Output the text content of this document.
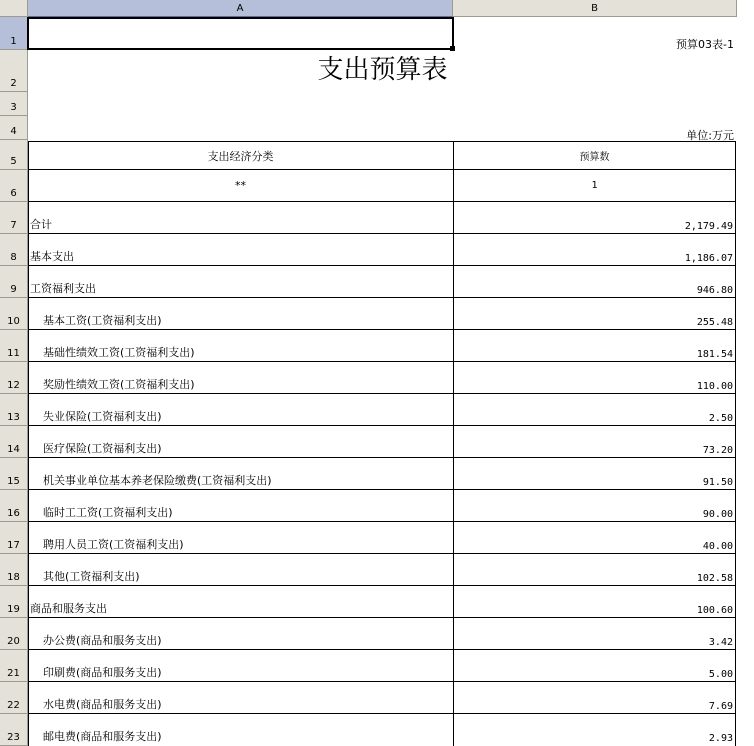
A	B
1
2
3
4
5
6
7
8
9
10
11
12
13
14
15
16
17
18
19
20
21
22
23
支出经济分类	预算数
**	1
合计	2,179.49
基本支出	1,186.07
工资福利支出	946.80
基本工资(工资福利支出)	255.48
基础性绩效工资(工资福利支出)	181.54
奖励性绩效工资(工资福利支出)	110.00
失业保险(工资福利支出)	2.50
医疗保险(工资福利支出)	73.20
机关事业单位基本养老保险缴费(工资福利支出)	91.50
临时工工资(工资福利支出)	90.00
聘用人员工资(工资福利支出)	40.00
其他(工资福利支出)	102.58
商品和服务支出	100.60
办公费(商品和服务支出)	3.42
印刷费(商品和服务支出)	5.00
水电费(商品和服务支出)	7.69
邮电费(商品和服务支出)	2.93
预算03表-1
支出预算表
单位:万元
